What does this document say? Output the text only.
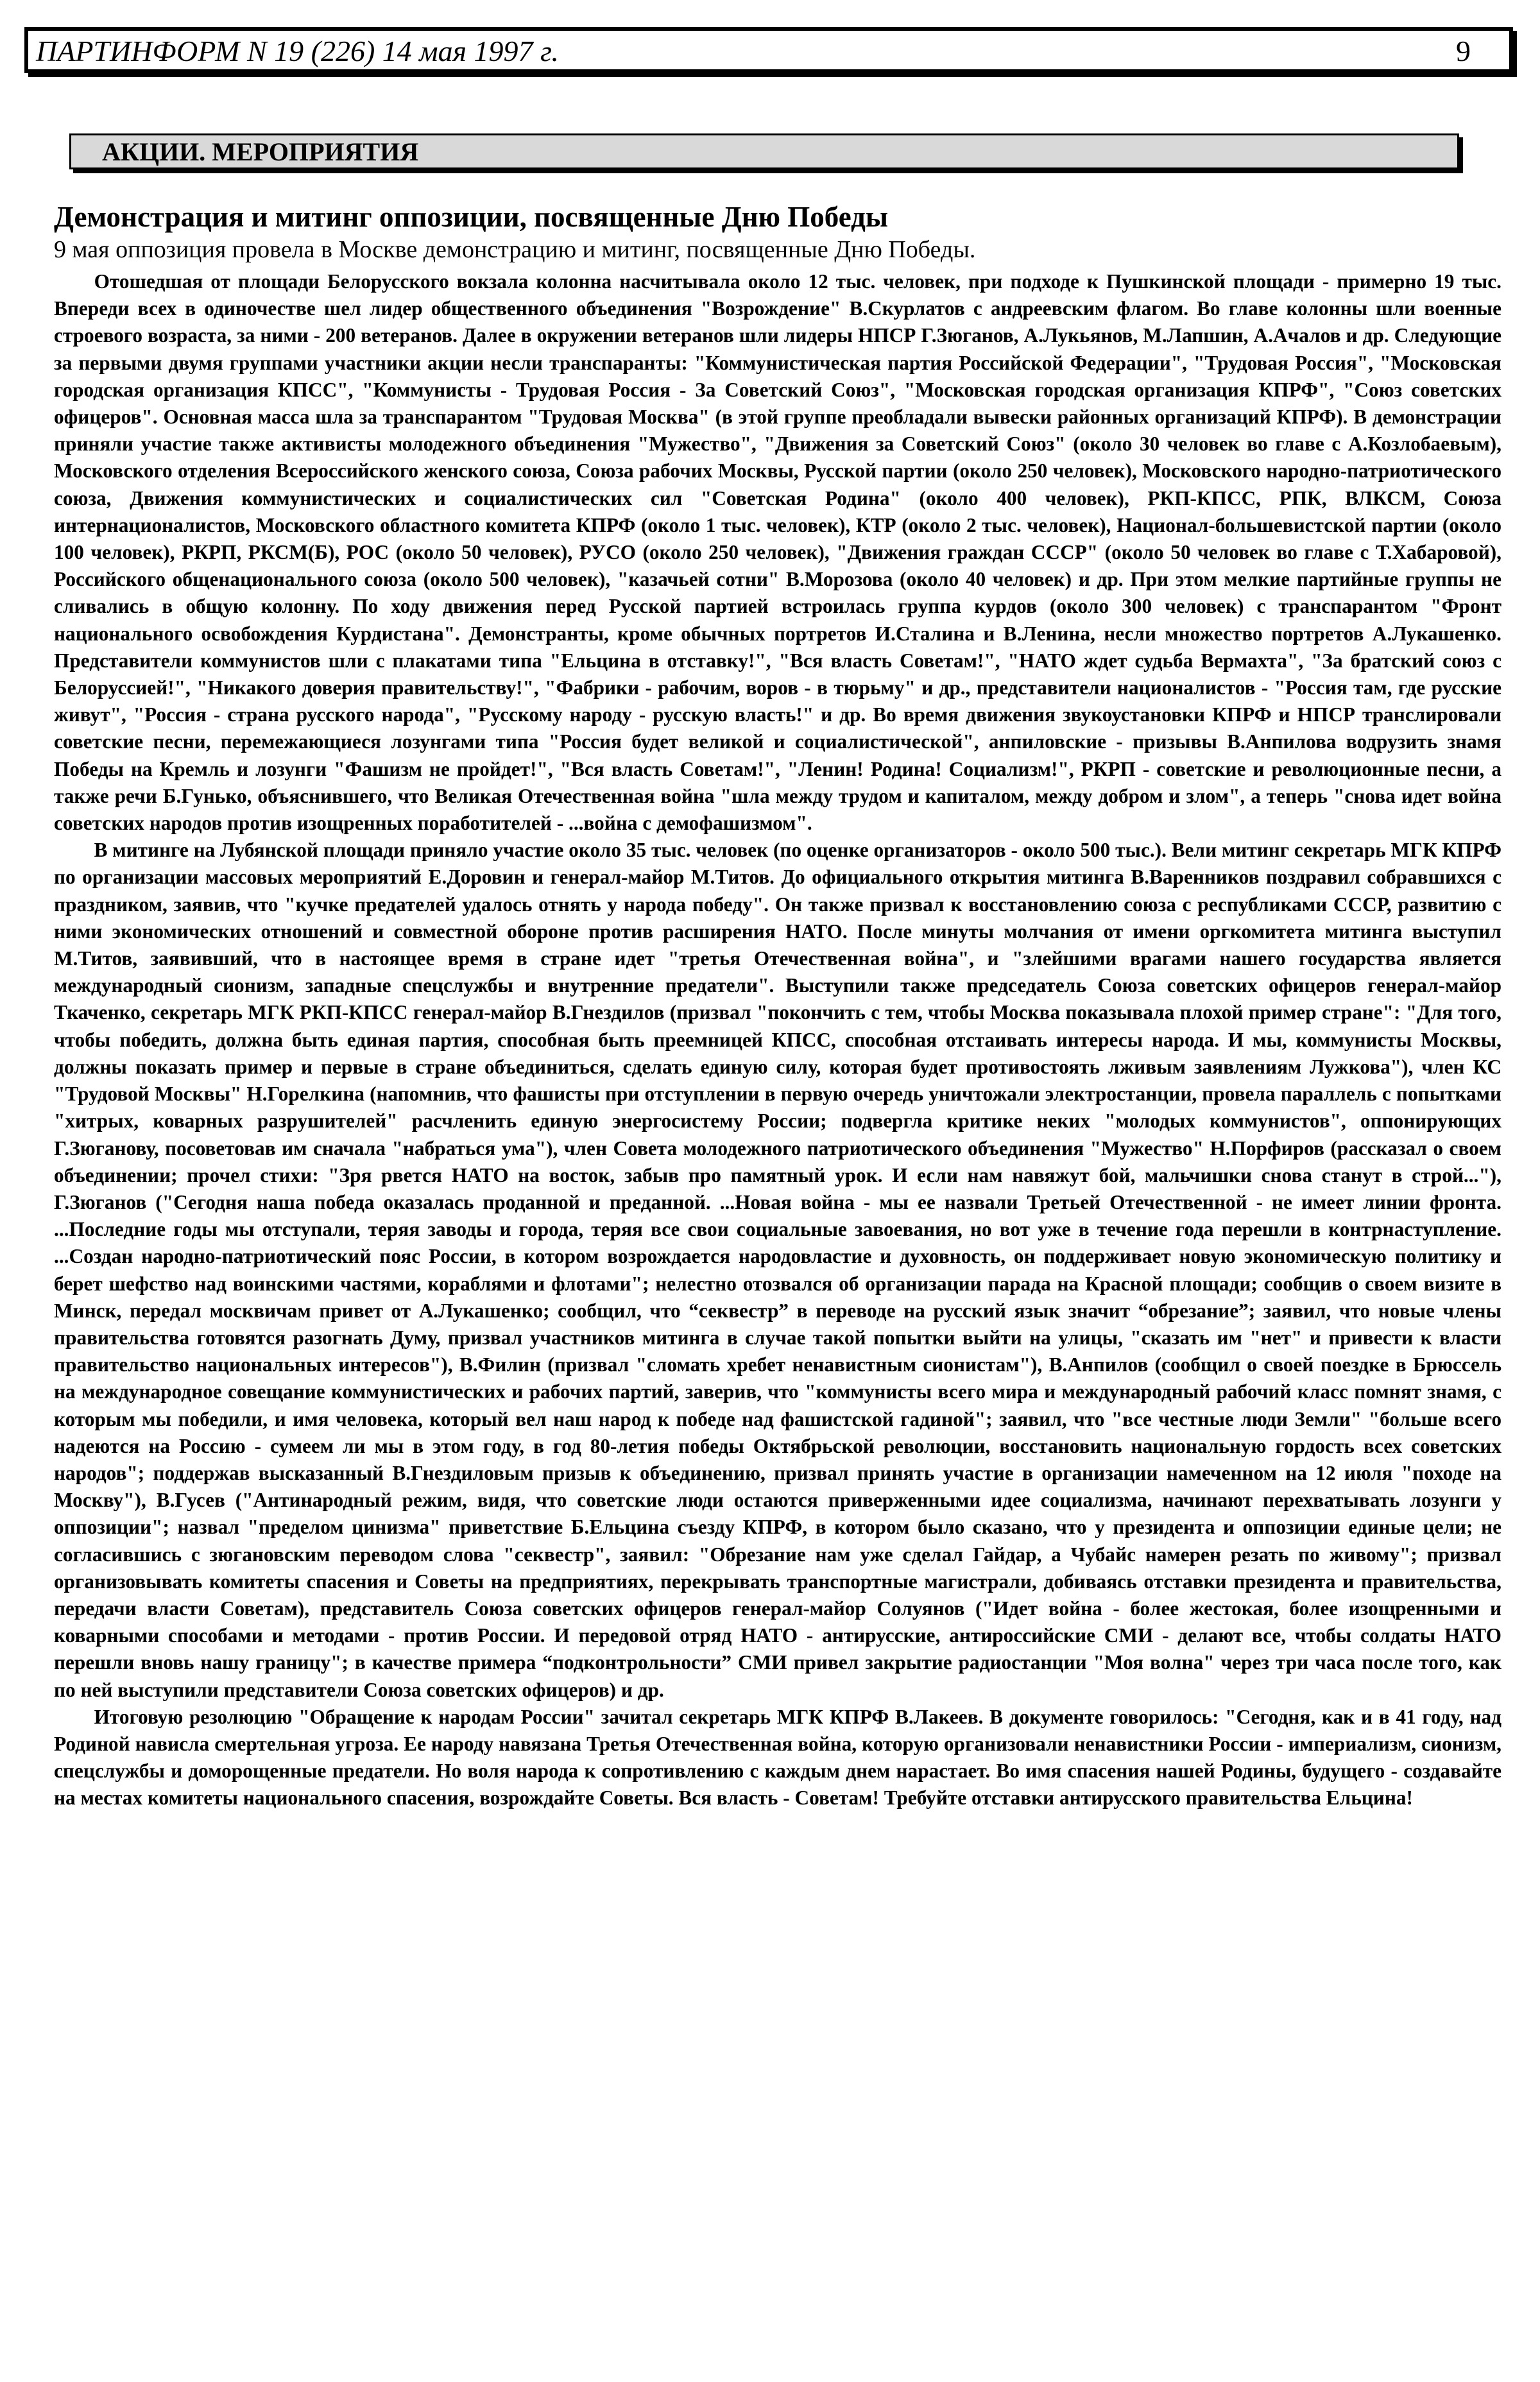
ПАРТИНФОРМ N 19 (226) 14 мая 1997 г.	9
АКЦИИ. МЕРОПРИЯТИЯ
Демонстрация и митинг оппозиции, посвященные Дню Победы

9 мая оппозиция провела в Москве демонстрацию и митинг, посвященные Дню Победы.

Отошедшая от площади Белорусского вокзала колонна насчитывала около 12 тыс. человек, при подходе к Пушкинской площади - примерно 19 тыс. Впереди всех в одиночестве шел лидер общественного объединения "Возрождение" В.Скурлатов с андреевским флагом. Во главе колонны шли военные строевого возраста, за ними - 200 ветеранов. Далее в окружении ветеранов шли лидеры НПСР Г.Зюганов, А.Лукьянов, М.Лапшин, А.Ачалов и др. Следующие за первыми двумя группами участники акции несли транспаранты: "Коммунистическая партия Российской Федерации", "Трудовая Россия", "Московская городская организация КПСС", "Коммунисты - Трудовая Россия - За Советский Союз", "Московская городская организация КПРФ", "Союз советских офицеров". Основная масса шла за транспарантом "Трудовая Москва" (в этой группе преобладали вывески районных организаций КПРФ). В демонстрации приняли участие также активисты молодежного объединения "Мужество", "Движения за Советский Союз" (около 30 человек во главе с А.Козлобаевым), Московского отделения Всероссийского женского союза, Союза рабочих Москвы, Русской партии (около 250 человек), Московского народно-патриотического союза, Движения коммунистических и социалистических сил "Советская Родина" (около 400 человек), РКП-КПСС, РПК, ВЛКСМ, Союза интернационалистов, Московского областного комитета КПРФ (около 1 тыс. человек), КТР (около 2 тыс. человек), Национал-большевистской партии (около 100 человек), РКРП, РКСМ(Б), РОС (около 50 человек), РУСО (около 250 человек), "Движения граждан СССР" (около 50 человек во главе с Т.Хабаровой), Российского общенационального союза (около 500 человек), "казачьей сотни" В.Морозова (около 40 человек) и др. При этом мелкие партийные группы не сливались в общую колонну. По ходу движения перед Русской партией встроилась группа курдов (около 300 человек) с транспарантом "Фронт национального освобождения Курдистана". Демонстранты, кроме обычных портретов И.Сталина и В.Ленина, несли множество портретов А.Лукашенко. Представители коммунистов шли с плакатами типа "Ельцина в отставку!", "Вся власть Советам!", "НАТО ждет судьба Вермахта", "За братский союз с Белоруссией!", "Никакого доверия правительству!", "Фабрики - рабочим, воров - в тюрьму" и др., представители националистов - "Россия там, где русские живут", "Россия - страна русского народа", "Русскому народу - русскую власть!" и др. Во время движения звукоустановки КПРФ и НПСР транслировали советские песни, перемежающиеся лозунгами типа "Россия будет великой и социалистической", анпиловские - призывы В.Анпилова водрузить знамя Победы на Кремль и лозунги "Фашизм не пройдет!", "Вся власть Советам!", "Ленин! Родина! Социализм!", РКРП - советские и революционные песни, а также речи Б.Гунько, объяснившего, что Великая Отечественная война "шла между трудом и капиталом, между добром и злом", а теперь "снова идет война советских народов против изощренных поработителей - ...война с демофашизмом".

В митинге на Лубянской площади приняло участие около 35 тыс. человек (по оценке организаторов - около 500 тыс.). Вели митинг секретарь МГК КПРФ по организации массовых мероприятий Е.Доровин и генерал-майор М.Титов. До официального открытия митинга В.Варенников поздравил собравшихся с праздником, заявив, что "кучке предателей удалось отнять у народа победу". Он также призвал к восстановлению союза с республиками СССР, развитию с ними экономических отношений и совместной обороне против расширения НАТО. После минуты молчания от имени оргкомитета митинга выступил М.Титов, заявивший, что в настоящее время в стране идет "третья Отечественная война", и "злейшими врагами нашего государства является международный сионизм, западные спецслужбы и внутренние предатели". Выступили также председатель Союза советских офицеров генерал-майор Ткаченко, секретарь МГК РКП-КПСС генерал-майор В.Гнездилов (призвал "покончить с тем, чтобы Москва показывала плохой пример стране": "Для того, чтобы победить, должна быть единая партия, способная быть преемницей КПСС, способная отстаивать интересы народа. И мы, коммунисты Москвы, должны показать пример и первые в стране объединиться, сделать единую силу, которая будет противостоять лживым заявлениям Лужкова"), член КС "Трудовой Москвы" Н.Горелкина (напомнив, что фашисты при отступлении в первую очередь уничтожали электростанции, провела параллель с попытками "хитрых, коварных разрушителей" расчленить единую энергосистему России; подвергла критике неких "молодых коммунистов", оппонирующих Г.Зюганову, посоветовав им сначала "набраться ума"), член Совета молодежного патриотического объединения "Мужество" Н.Порфиров (рассказал о своем объединении; прочел стихи: "Зря рвется НАТО на восток, забыв про памятный урок. И если нам навяжут бой, мальчишки снова станут в строй..."), Г.Зюганов ("Сегодня наша победа оказалась проданной и преданной. ...Новая война - мы ее назвали Третьей Отечественной - не имеет линии фронта. ...Последние годы мы отступали, теряя заводы и города, теряя все свои социальные завоевания, но вот уже в течение года перешли в контрнаступление. ...Создан народно-патриотический пояс России, в котором возрождается народовластие и духовность, он поддерживает новую экономическую политику и берет шефство над воинскими частями, кораблями и флотами"; нелестно отозвался об организации парада на Красной площади; сообщив о своем визите в Минск, передал москвичам привет от А.Лукашенко; сообщил, что “секвестр” в переводе на русский язык значит “обрезание”; заявил, что новые члены правительства готовятся разогнать Думу, призвал участников митинга в случае такой попытки выйти на улицы, "сказать им "нет" и привести к власти правительство национальных интересов"), В.Филин (призвал "сломать хребет ненавистным сионистам"), В.Анпилов (сообщил о своей поездке в Брюссель на международное совещание коммунистических и рабочих партий, заверив, что "коммунисты всего мира и международный рабочий класс помнят знамя, с которым мы победили, и имя человека, который вел наш народ к победе над фашистской гадиной"; заявил, что "все честные люди Земли" "больше всего надеются на Россию - сумеем ли мы в этом году, в год 80-летия победы Октябрьской революции, восстановить национальную гордость всех советских народов"; поддержав высказанный В.Гнездиловым призыв к объединению, призвал принять участие в организации намеченном на 12 июля "походе на Москву"), В.Гусев ("Антинародный режим, видя, что советские люди остаются приверженными идее социализма, начинают перехватывать лозунги у оппозиции"; назвал "пределом цинизма" приветствие Б.Ельцина съезду КПРФ, в котором было сказано, что у президента и оппозиции единые цели; не согласившись с зюгановским переводом слова "секвестр", заявил: "Обрезание нам уже сделал Гайдар, а Чубайс намерен резать по живому"; призвал организовывать комитеты спасения и Советы на предприятиях, перекрывать транспортные магистрали, добиваясь отставки президента и правительства, передачи власти Советам), представитель Союза советских офицеров генерал-майор Солуянов ("Идет война - более жестокая, более изощренными и коварными способами и методами - против России. И передовой отряд НАТО - антирусские, антироссийские СМИ - делают все, чтобы солдаты НАТО перешли вновь нашу границу"; в качестве примера “подконтрольности” СМИ привел закрытие радиостанции "Моя волна" через три часа после того, как по ней выступили представители Союза советских офицеров) и др.

Итоговую резолюцию "Обращение к народам России" зачитал секретарь МГК КПРФ В.Лакеев. В документе говорилось: "Сегодня, как и в 41 году, над Родиной нависла смертельная угроза. Ее народу навязана Третья Отечественная война, которую организовали ненавистники России - империализм, сионизм, спецслужбы и доморощенные предатели. Но воля народа к сопротивлению с каждым днем нарастает. Во имя спасения нашей Родины, будущего - создавайте на местах комитеты национального спасения, возрождайте Советы. Вся власть - Советам! Требуйте отставки антирусского правительства Ельцина!
